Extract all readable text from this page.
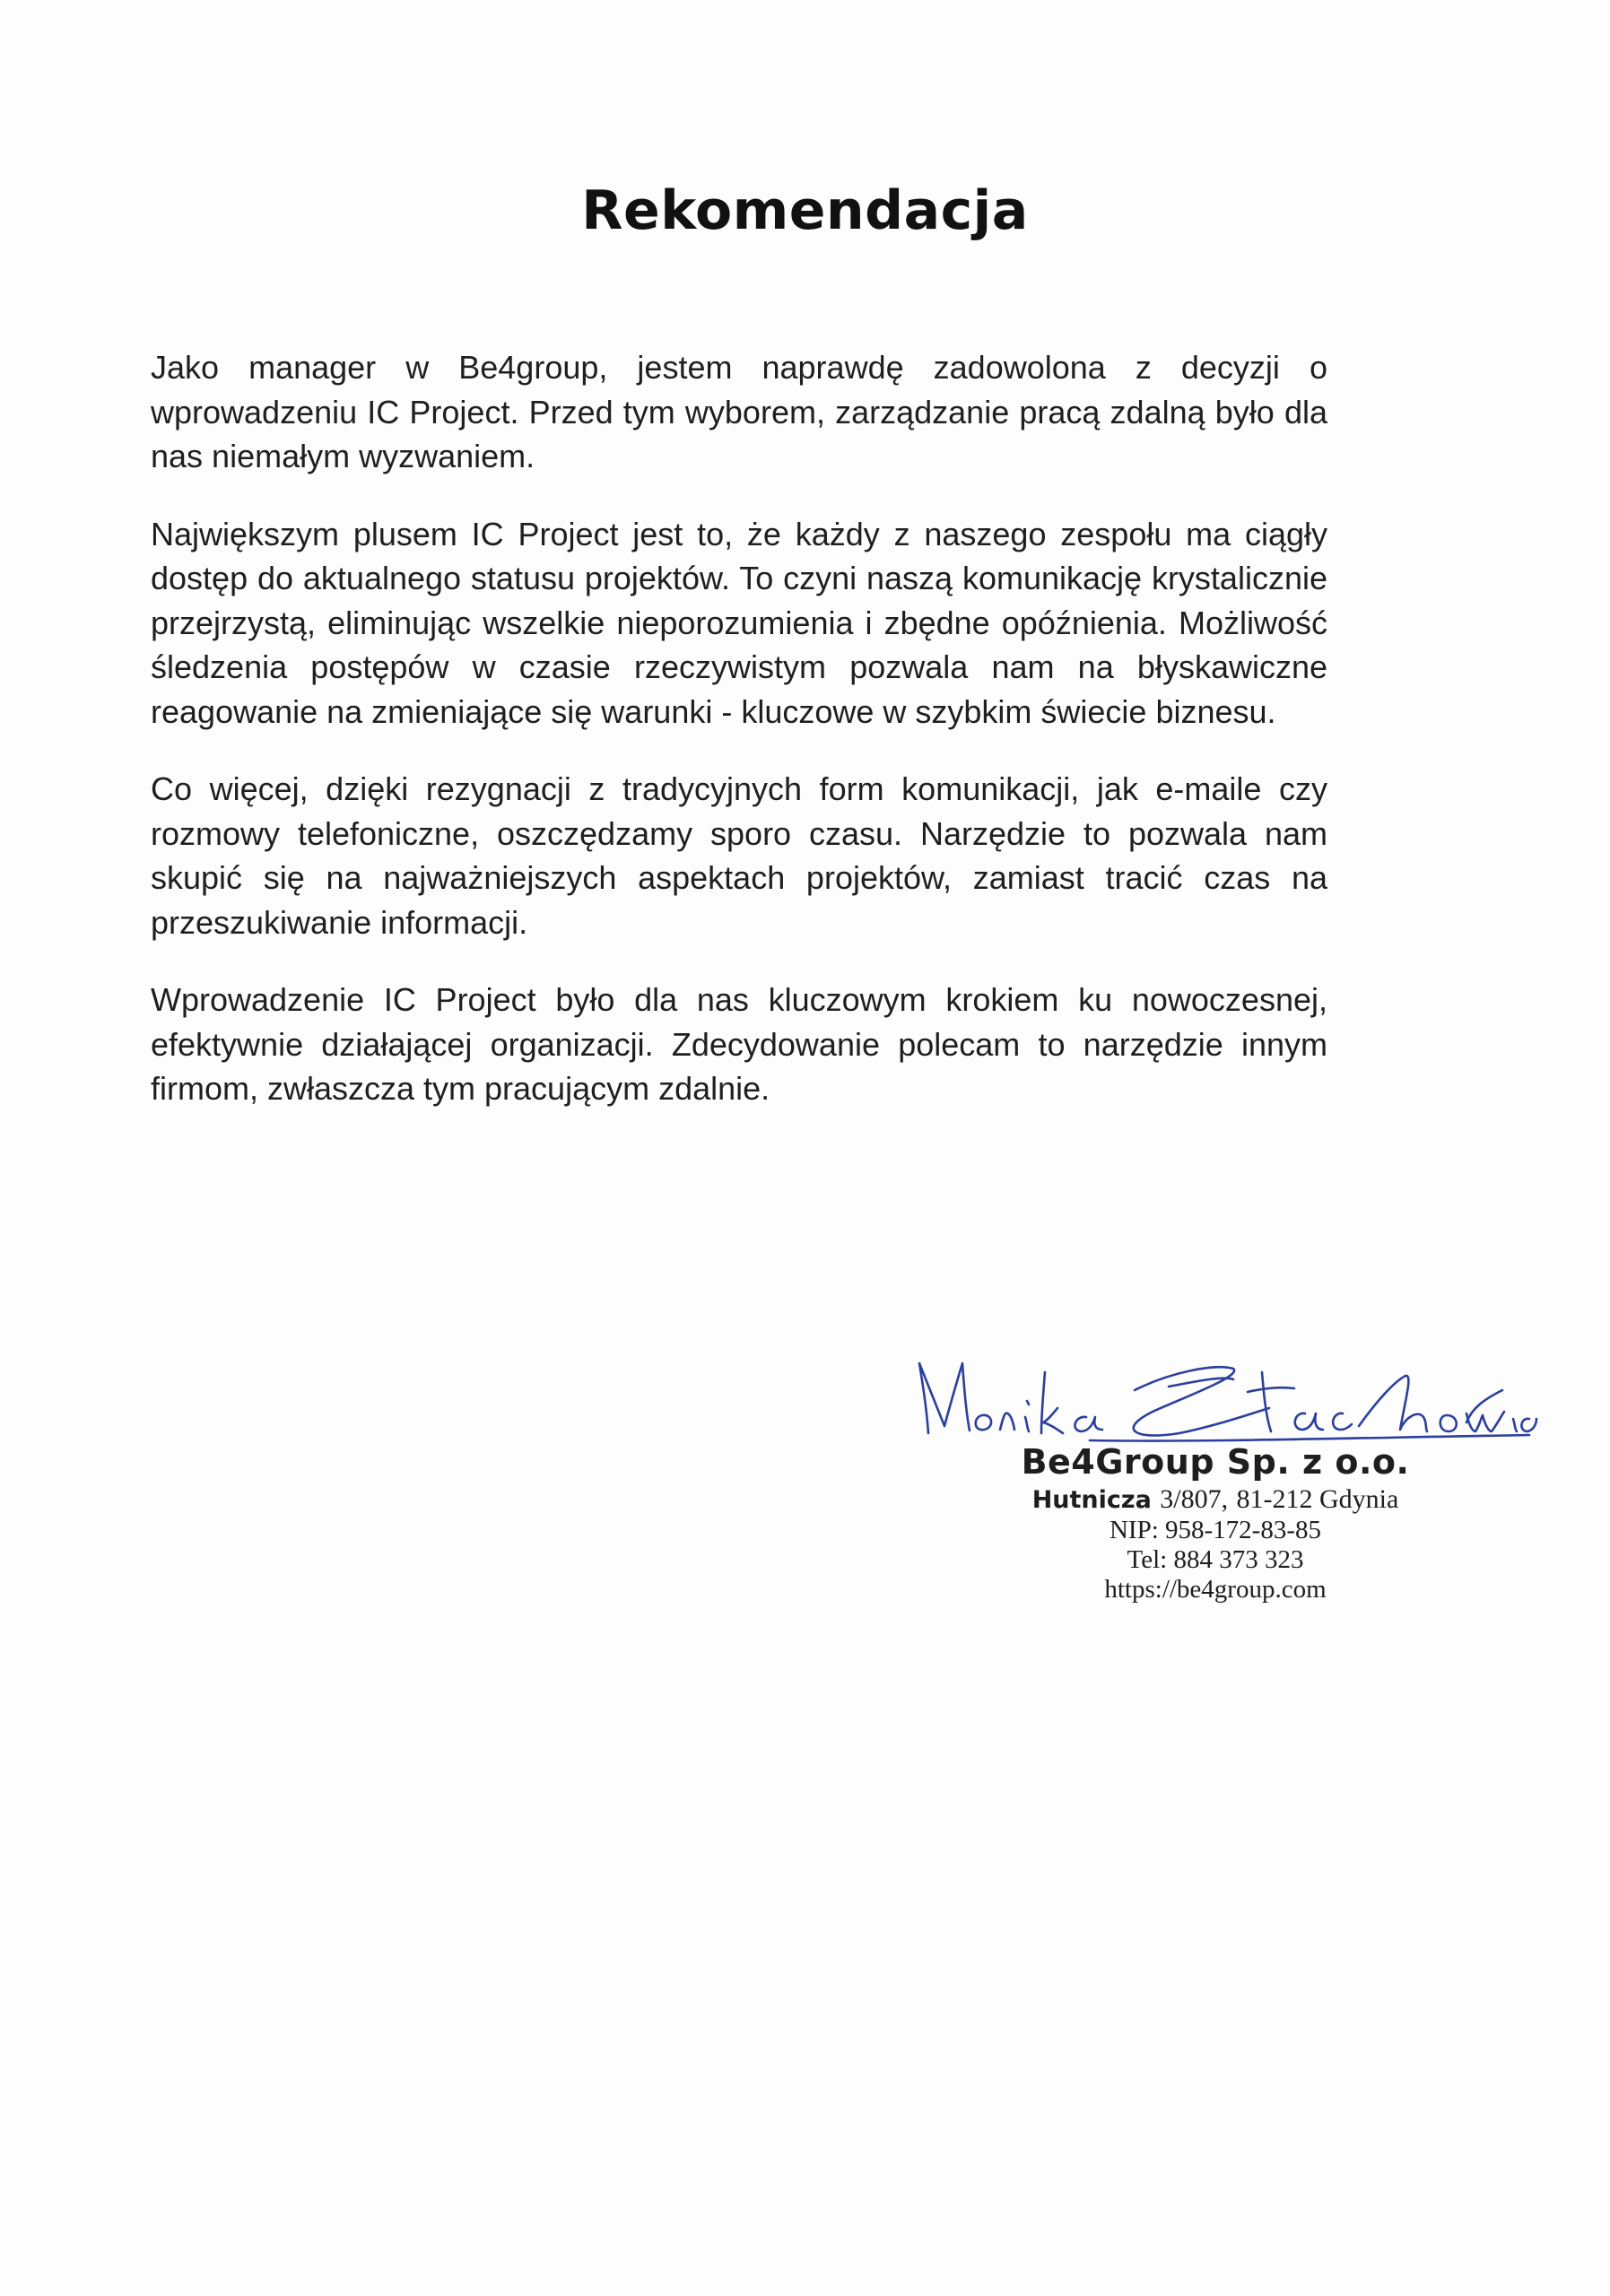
Rekomendacja

Jako manager w Be4group, jestem naprawdę zadowolona z decyzji o wprowadzeniu IC Project. Przed tym wyborem, zarządzanie pracą zdalną było dla nas niemałym wyzwaniem.

Największym plusem IC Project jest to, że każdy z naszego zespołu ma ciągły dostęp do aktualnego statusu projektów. To czyni naszą komunikację krystalicznie przejrzystą, eliminując wszelkie nieporozumienia i zbędne opóźnienia. Możliwość śledzenia postępów w czasie rzeczywistym pozwala nam na błyskawiczne reagowanie na zmieniające się warunki - kluczowe w szybkim świecie biznesu.

Co więcej, dzięki rezygnacji z tradycyjnych form komunikacji, jak e-maile czy rozmowy telefoniczne, oszczędzamy sporo czasu. Narzędzie to pozwala nam skupić się na najważniejszych aspektach projektów, zamiast tracić czas na przeszukiwanie informacji.

Wprowadzenie IC Project było dla nas kluczowym krokiem ku nowoczesnej, efektywnie działającej organizacji. Zdecydowanie polecam to narzędzie innym firmom, zwłaszcza tym pracującym zdalnie.

Be4Group Sp. z o.o.
Hutnicza 3/807, 81-212 Gdynia
NIP: 958-172-83-85
Tel: 884 373 323
https://be4group.com
